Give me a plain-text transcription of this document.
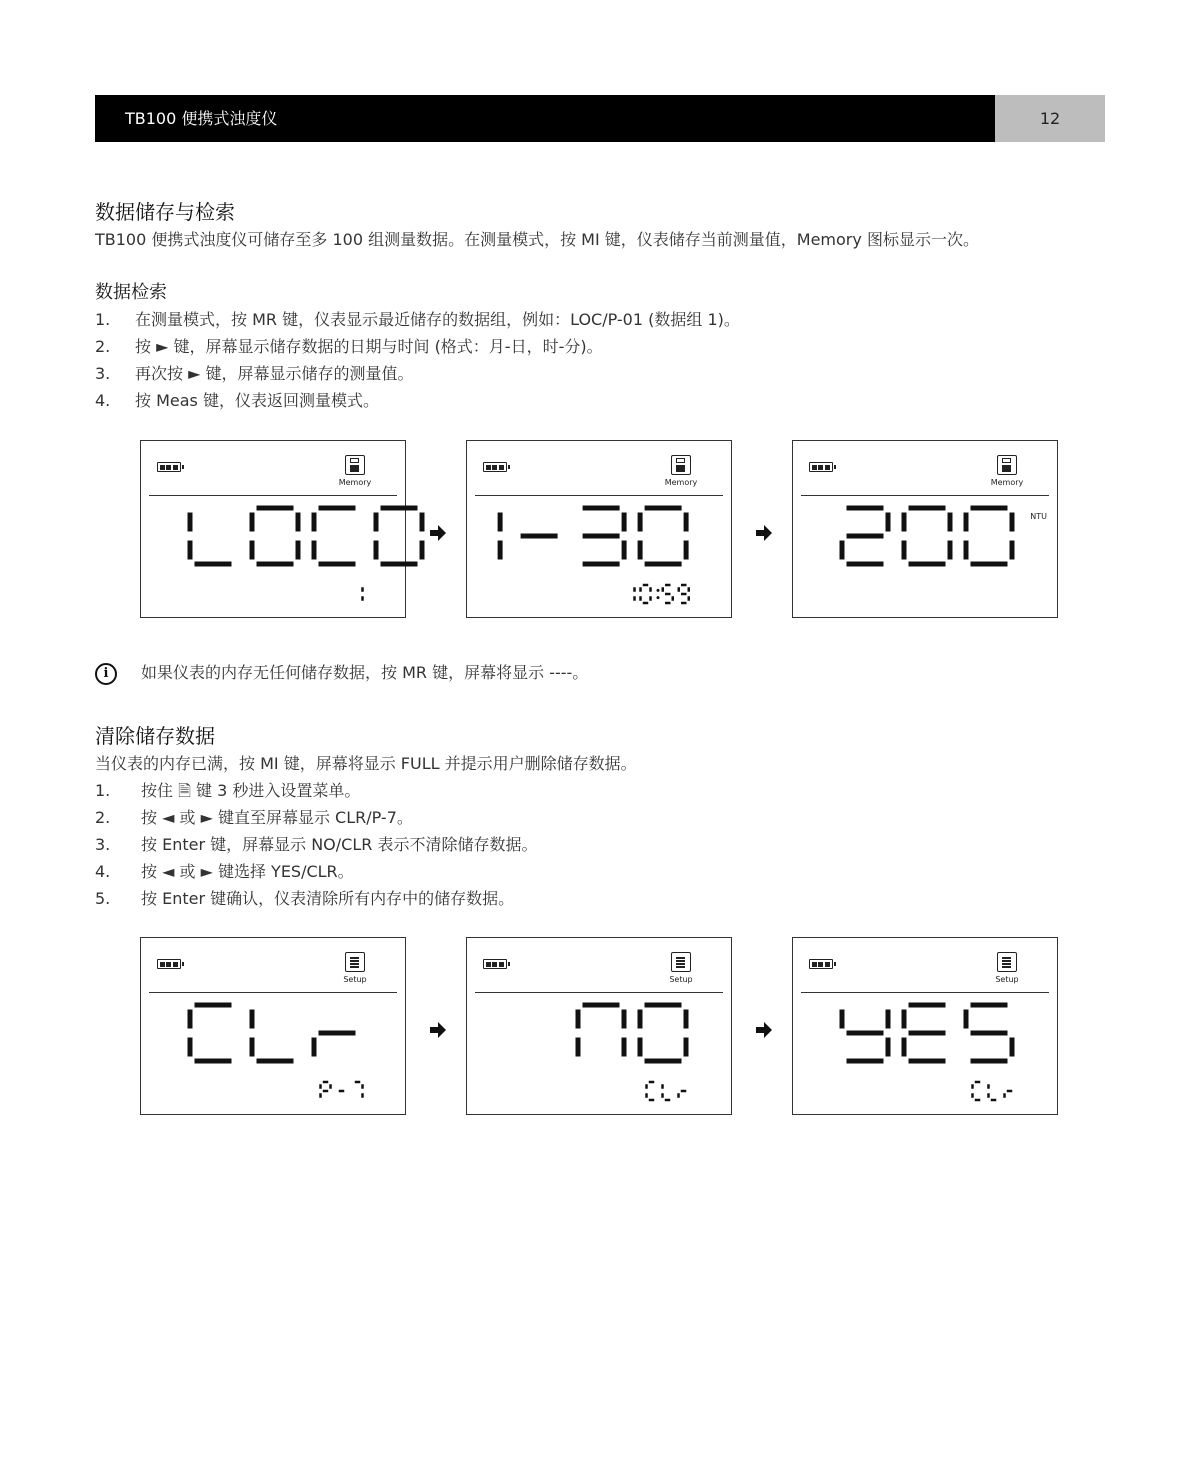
TB100 便携式浊度仪	12
数据储存与检索
TB100 便携式浊度仪可储存至多 100 组测量数据。在测量模式，按 MI 键，仪表储存当前测量值，Memory 图标显示一次。
数据检索
1. 在测量模式，按 MR 键，仪表显示最近储存的数据组，例如：LOC/P-01 (数据组 1)。
2. 按 ► 键，屏幕显示储存数据的日期与时间 (格式：月-日，时-分)。
3. 再次按 ► 键，屏幕显示储存的测量值。
4. 按 Meas 键，仪表返回测量模式。
Memory	Memory	Memory
NTU
i 如果仪表的内存无任何储存数据，按 MR 键，屏幕将显示 ----。
清除储存数据
当仪表的内存已满，按 MI 键，屏幕将显示 FULL 并提示用户删除储存数据。
1. 按住 🗎 键 3 秒进入设置菜单。
2. 按 ◄ 或 ► 键直至屏幕显示 CLR/P-7。
3. 按 Enter 键，屏幕显示 NO/CLR 表示不清除储存数据。
4. 按 ◄ 或 ► 键选择 YES/CLR。
5. 按 Enter 键确认，仪表清除所有内存中的储存数据。
Setup	Setup	Setup
